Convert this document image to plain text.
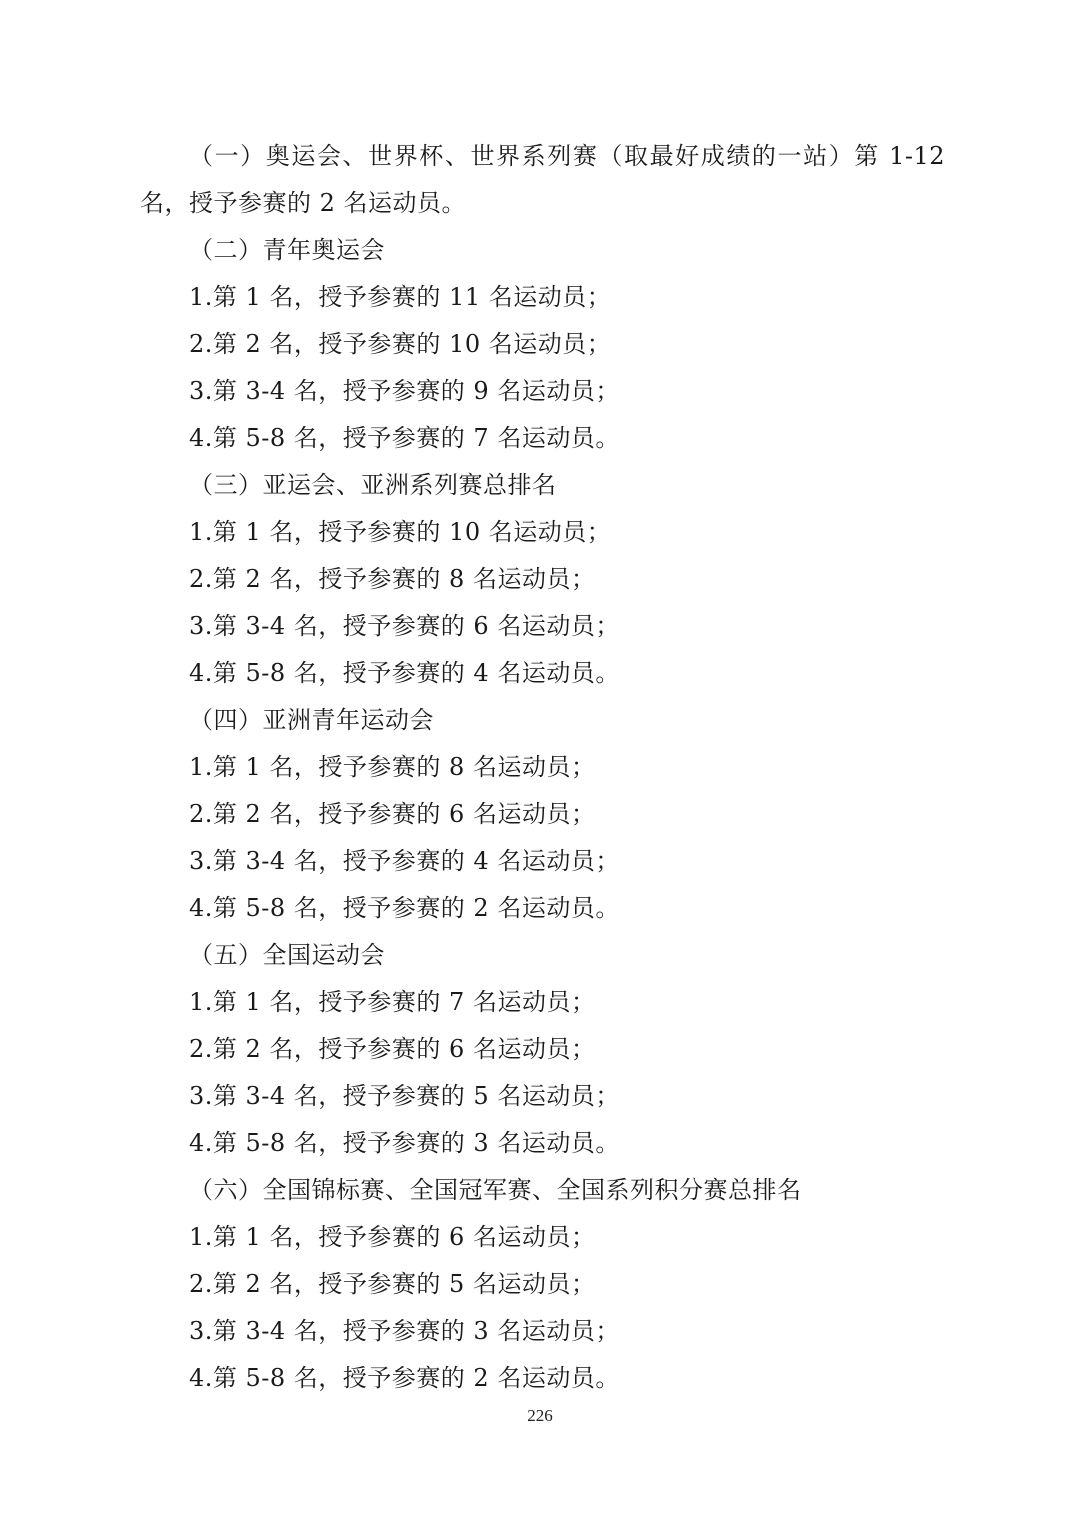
（一）奥运会、世界杯、世界系列赛（取最好成绩的一站）第 1-12名，授予参赛的 2 名运动员。

（二）青年奥运会
1.第 1 名，授予参赛的 11 名运动员；
2.第 2 名，授予参赛的 10 名运动员；
3.第 3-4 名，授予参赛的 9 名运动员；
4.第 5-8 名，授予参赛的 7 名运动员。
（三）亚运会、亚洲系列赛总排名
1.第 1 名，授予参赛的 10 名运动员；
2.第 2 名，授予参赛的 8 名运动员；
3.第 3-4 名，授予参赛的 6 名运动员；
4.第 5-8 名，授予参赛的 4 名运动员。
（四）亚洲青年运动会
1.第 1 名，授予参赛的 8 名运动员；
2.第 2 名，授予参赛的 6 名运动员；
3.第 3-4 名，授予参赛的 4 名运动员；
4.第 5-8 名，授予参赛的 2 名运动员。
（五）全国运动会
1.第 1 名，授予参赛的 7 名运动员；
2.第 2 名，授予参赛的 6 名运动员；
3.第 3-4 名，授予参赛的 5 名运动员；
4.第 5-8 名，授予参赛的 3 名运动员。
（六）全国锦标赛、全国冠军赛、全国系列积分赛总排名
1.第 1 名，授予参赛的 6 名运动员；
2.第 2 名，授予参赛的 5 名运动员；
3.第 3-4 名，授予参赛的 3 名运动员；
4.第 5-8 名，授予参赛的 2 名运动员。
226
